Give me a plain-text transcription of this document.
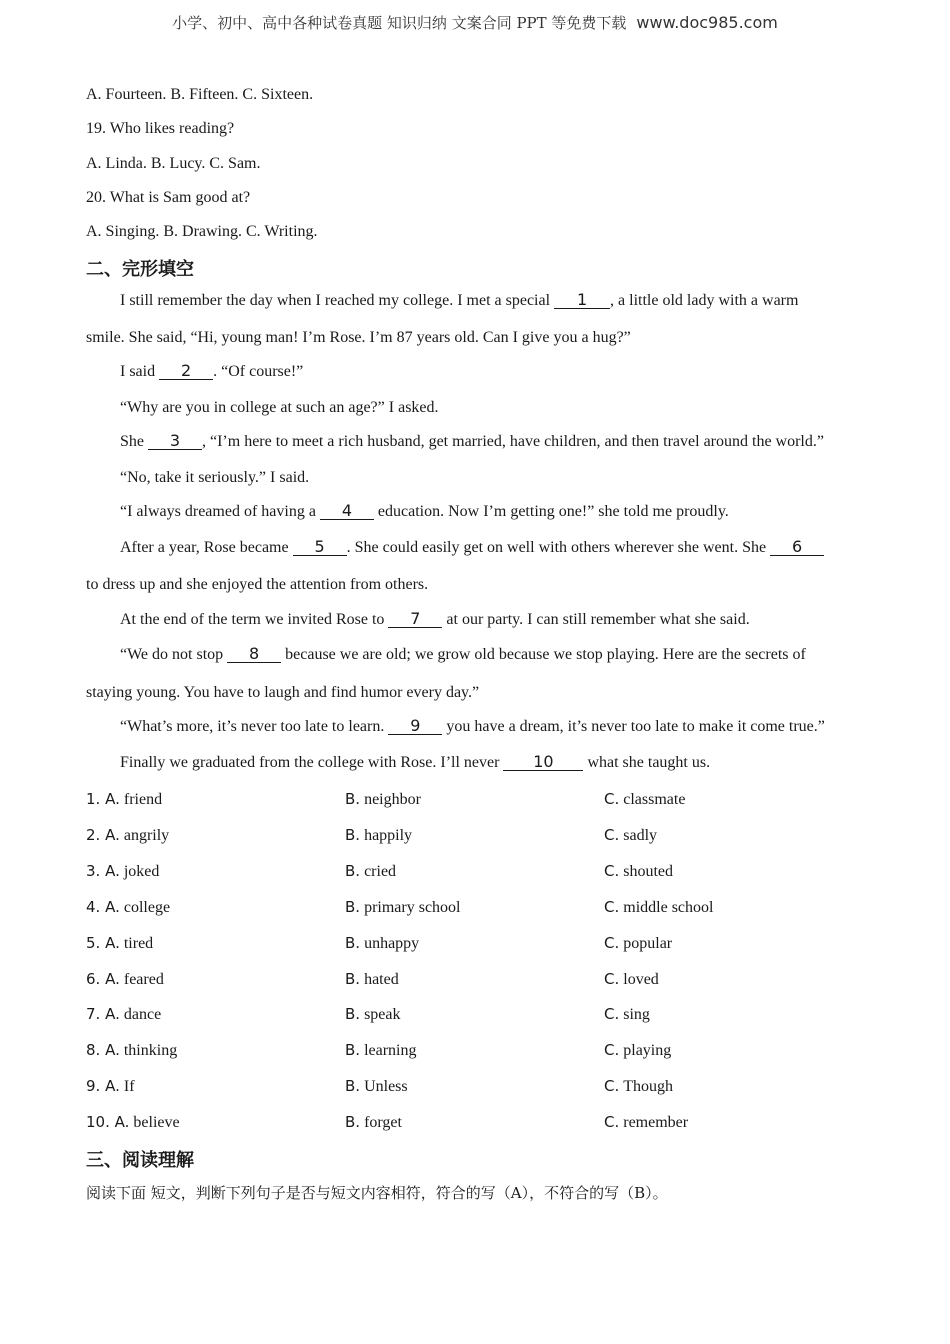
小学、初中、高中各种试卷真题 知识归纳 文案合同 PPT 等免费下载 www.doc985.com
A. Fourteen. B. Fifteen. C. Sixteen.
19. Who likes reading?
A. Linda. B. Lucy. C. Sam.
20. What is Sam good at?
A. Singing. B. Drawing. C. Writing.
二、完形填空
I still remember the day when I reached my college. I met a special 1 , a little old lady with a warm
smile. She said, “Hi, young man! I’m Rose. I’m 87 years old. Can I give you a hug?”
I said 2 . “Of course!”
“Why are you in college at such an age?” I asked.
She 3 , “I’m here to meet a rich husband, get married, have children, and then travel around the world.”
“No, take it seriously.” I said.
“I always dreamed of having a 4 education. Now I’m getting one!” she told me proudly.
After a year, Rose became 5 . She could easily get on well with others wherever she went. She 6
to dress up and she enjoyed the attention from others.
At the end of the term we invited Rose to 7 at our party. I can still remember what she said.
“We do not stop 8 because we are old; we grow old because we stop playing. Here are the secrets of
staying young. You have to laugh and find humor every day.”
“What’s more, it’s never too late to learn. 9 you have a dream, it’s never too late to make it come true.”
Finally we graduated from the college with Rose. I’ll never 10 what she taught us.
1. A. friend	B. neighbor	C. classmate
2. A. angrily	B. happily	C. sadly
3. A. joked	B. cried	C. shouted
4. A. college	B. primary school	C. middle school
5. A. tired	B. unhappy	C. popular
6. A. feared	B. hated	C. loved
7. A. dance	B. speak	C. sing
8. A. thinking	B. learning	C. playing
9. A. If	B. Unless	C. Though
10. A. believe	B. forget	C. remember
三、阅读理解
阅读下面 短文，判断下列句子是否与短文内容相符，符合的写（A），不符合的写（B）。
